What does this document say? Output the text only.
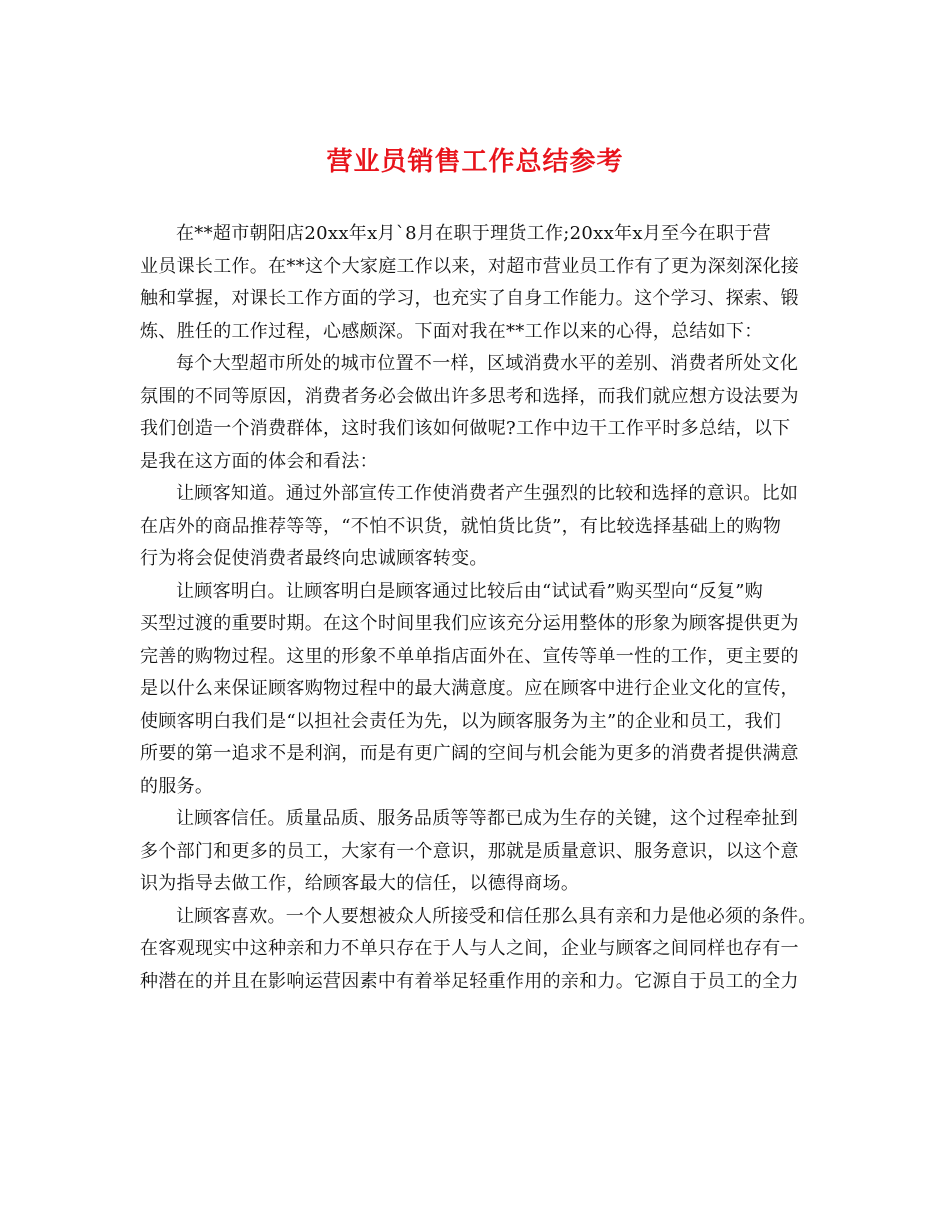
营业员销售工作总结参考
在**超市朝阳店20xx年x月`8月在职于理货工作;20xx年x月至今在职于营
业员课长工作。在**这个大家庭工作以来，对超市营业员工作有了更为深刻深化接
触和掌握，对课长工作方面的学习，也充实了自身工作能力。这个学习、探索、锻
炼、胜任的工作过程，心感颇深。下面对我在**工作以来的心得，总结如下：
每个大型超市所处的城市位置不一样，区域消费水平的差别、消费者所处文化
氛围的不同等原因，消费者务必会做出许多思考和选择，而我们就应想方设法要为
我们创造一个消费群体，这时我们该如何做呢?工作中边干工作平时多总结，以下
是我在这方面的体会和看法：
让顾客知道。通过外部宣传工作使消费者产生强烈的比较和选择的意识。比如
在店外的商品推荐等等，“不怕不识货，就怕货比货”，有比较选择基础上的购物
行为将会促使消费者最终向忠诚顾客转变。
让顾客明白。让顾客明白是顾客通过比较后由“试试看”购买型向“反复”购
买型过渡的重要时期。在这个时间里我们应该充分运用整体的形象为顾客提供更为
完善的购物过程。这里的形象不单单指店面外在、宣传等单一性的工作，更主要的
是以什么来保证顾客购物过程中的最大满意度。应在顾客中进行企业文化的宣传，
使顾客明白我们是“以担社会责任为先，以为顾客服务为主”的企业和员工，我们
所要的第一追求不是利润，而是有更广阔的空间与机会能为更多的消费者提供满意
的服务。
让顾客信任。质量品质、服务品质等等都已成为生存的关键，这个过程牵扯到
多个部门和更多的员工，大家有一个意识，那就是质量意识、服务意识，以这个意
识为指导去做工作，给顾客最大的信任，以德得商场。
让顾客喜欢。一个人要想被众人所接受和信任那么具有亲和力是他必须的条件。
在客观现实中这种亲和力不单只存在于人与人之间，企业与顾客之间同样也存有一
种潜在的并且在影响运营因素中有着举足轻重作用的亲和力。它源自于员工的全力
